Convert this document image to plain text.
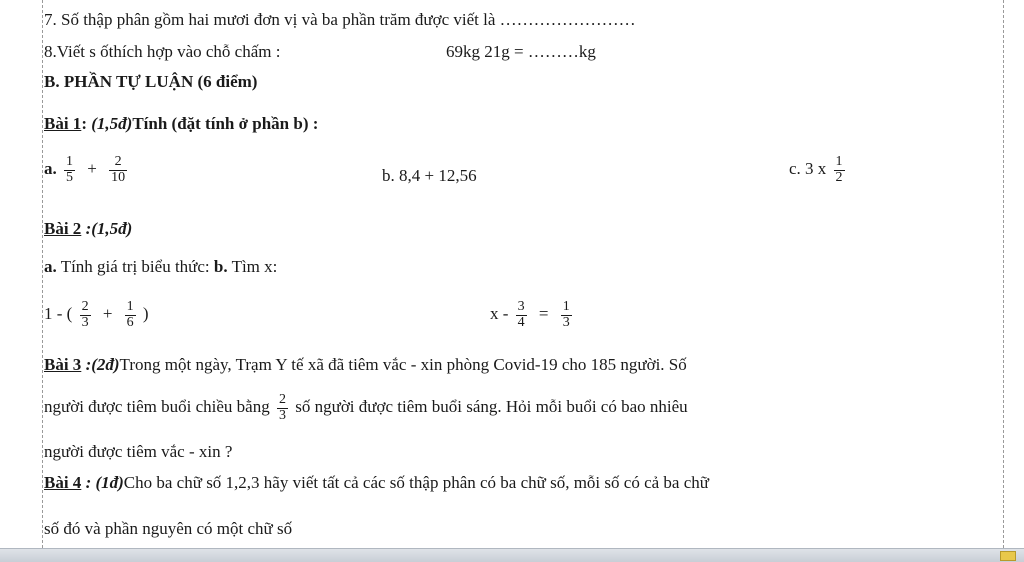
7. Số thập phân gồm hai mươi đơn vị và ba phần trăm được viết là ……………………
8.Viết s ốthích hợp vào chỗ chấm :	69kg 21g = ………kg
B. PHẦN TỰ LUẬN (6 điểm)
Bài 1: (1,5đ)Tính (đặt tính ở phần b) :
a. $\frac{1}{5} + \frac{2}{10}$	b. 8,4 + 12,56	c. 3 x $\frac{1}{2}$
Bài 2 :(1,5đ)
a. Tính giá trị biểu thức: b. Tìm x:
1 - ( $\frac{2}{3} + \frac{1}{6}$ )	$x - \frac{3}{4} = \frac{1}{3}$
Bài 3 :(2đ)Trong một ngày, Trạm Y tế xã đã tiêm vắc - xin phòng Covid-19 cho 185 người. Số
người được tiêm buổi chiều bằng $\frac{2}{3}$ số người được tiêm buổi sáng. Hỏi mỗi buổi có bao nhiêu
người được tiêm vắc - xin ?
Bài 4 : (1đ)Cho ba chữ số 1,2,3 hãy viết tất cả các số thập phân có ba chữ số, mỗi số có cả ba chữ
số đó và phần nguyên có một chữ số
